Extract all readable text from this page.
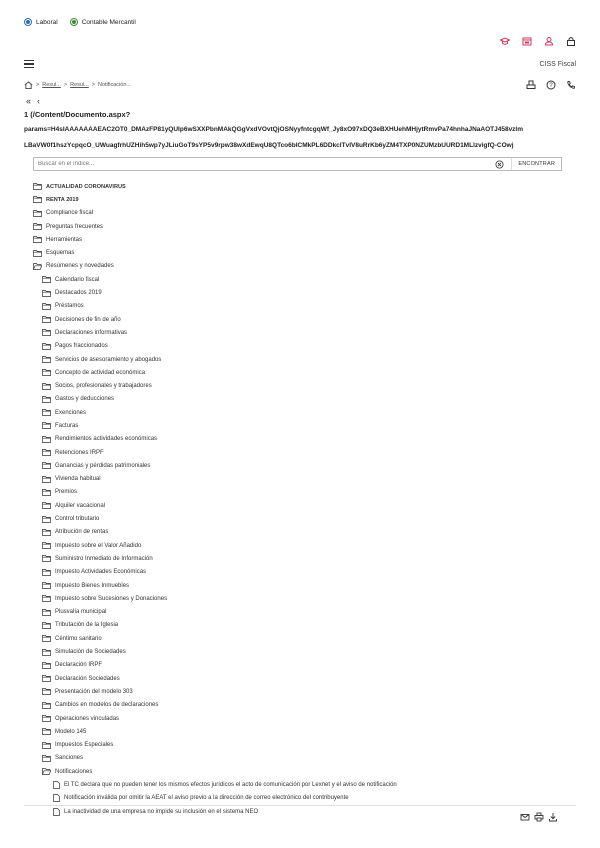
Laboral	Contable Mercantil
CISS Fiscal
> Resul... > Resul... > Notificación...	?
« ‹
1 (/Content/Documento.aspx?
params=H4sIAAAAAAAEAC2OT0_DMAzFP81yQUIp6wSXXPbnMAkQGgVxdVOvtQjOSNyyfntcgqWf_Jy8xO97xDQ3eBXHUehMHjytRmvPa74hnhaJNaAOTJ458vzlm
LBaVW0f1hszYcpqcO_UWuagfrhUZHih5wp7yJLiuGoT9sYP5v9rpw38wXdEwqU8QTco6bICMkPL6DDkcITvIV8uRrKb6yZM4TXP0NZUMzbUURD1MLlzvigfQ-COwj
Buscar en el índice...
ENCONTRAR
ACTUALIDAD CORONAVIRUS
RENTA 2019
Compliance fiscal
Preguntas frecuentes
Herramientas
Esquemas
Resúmenes y novedades
Calendario fiscal
Destacados 2019
Préstamos
Decisiones de fin de año
Declaraciones informativas
Pagos fraccionados
Servicios de asesoramiento y abogados
Concepto de actividad económica
Socios, profesionales y trabajadores
Gastos y deducciones
Exenciones
Facturas
Rendimientos actividades económicas
Retenciones IRPF
Ganancias y pérdidas patrimoniales
Vivienda habitual
Premios
Alquiler vacacional
Control tributario
Atribución de rentas
Impuesto sobre el Valor Añadido
Suministro Inmediato de Información
Impuesto Actividades Económicas
Impuesto Bienes Inmuebles
Impuesto sobre Sucesiones y Donaciones
Plusvalía municipal
Tributación de la Iglesia
Céntimo sanitario
Simulación de Sociedades
Declaración IRPF
Declaración Sociedades
Presentación del modelo 303
Cambios en modelos de declaraciones
Operaciones vinculadas
Modelo 145
Impuestos Especiales
Sanciones
Notificaciones
El TC declara que no pueden tener los mismos efectos jurídicos el acto de comunicación por Lexnet y el aviso de notificación
Notificación inválida por omitir la AEAT el aviso previo a la dirección de correo electrónico del contribuyente
La inactividad de una empresa no impide su inclusión en el sistema NEO
